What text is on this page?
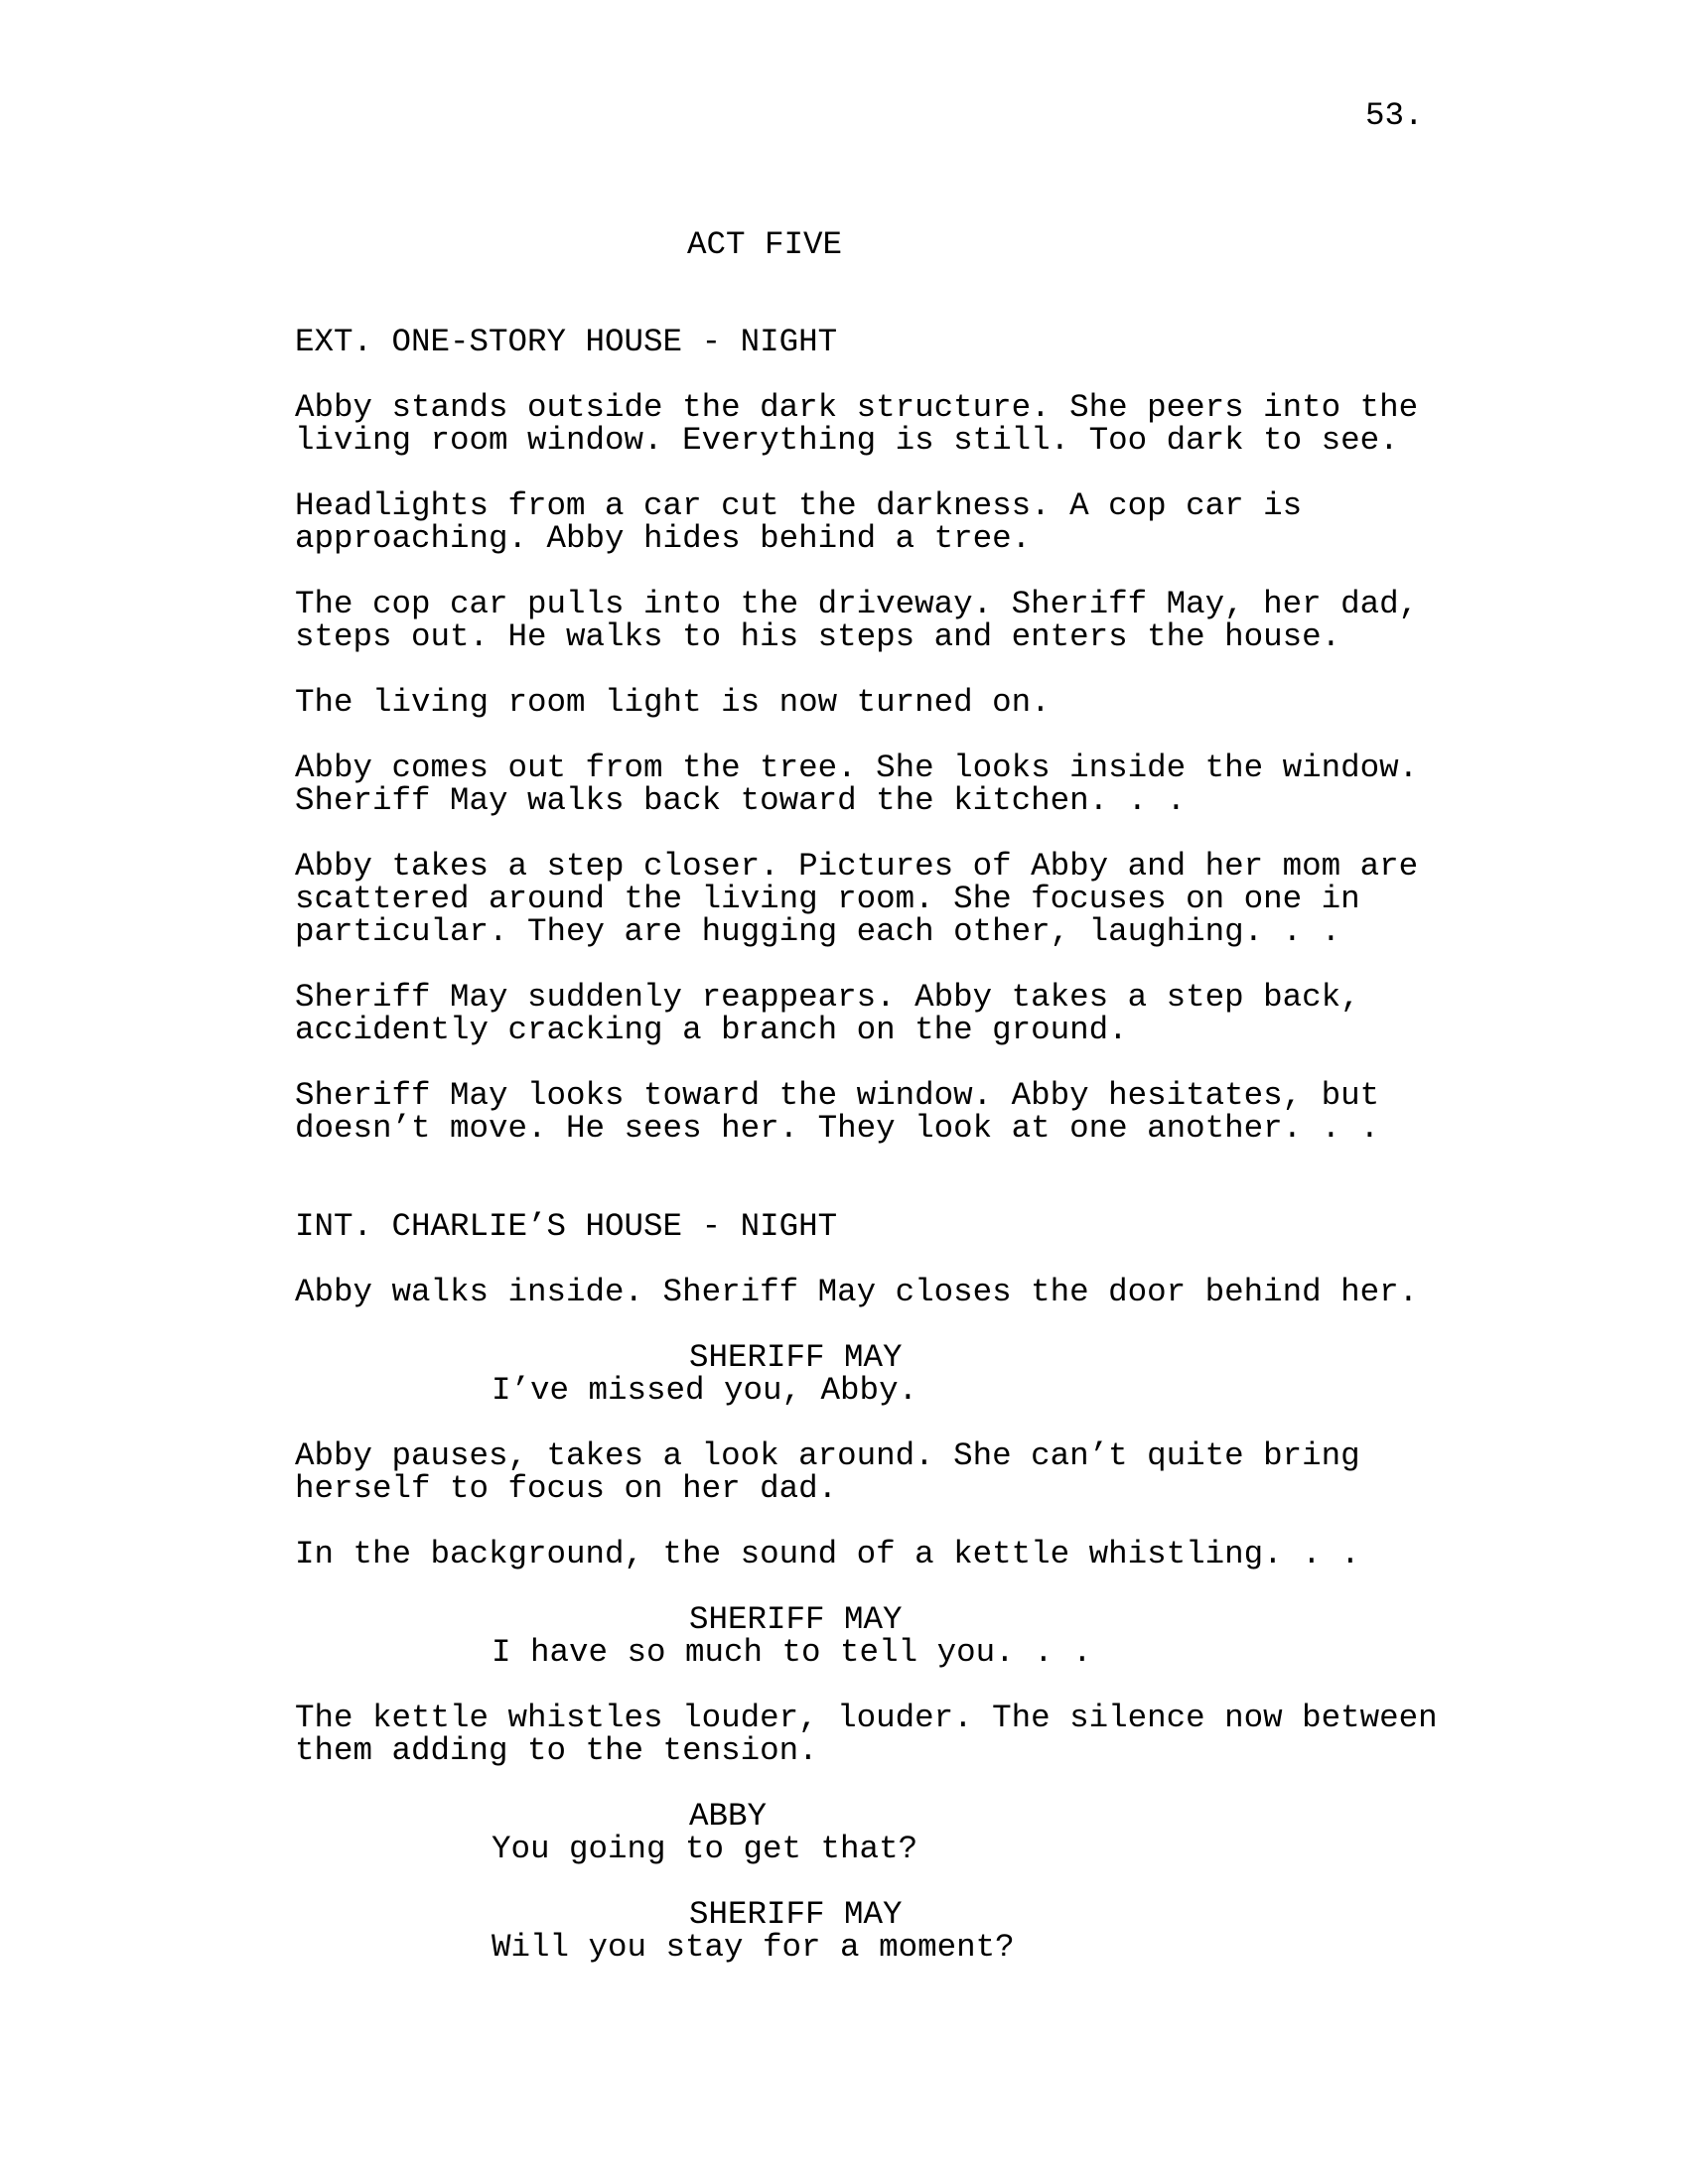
53.

ACT FIVE

EXT. ONE-STORY HOUSE - NIGHT

Abby stands outside the dark structure. She peers into the

living room window. Everything is still. Too dark to see.

Headlights from a car cut the darkness. A cop car is

approaching. Abby hides behind a tree.

The cop car pulls into the driveway. Sheriff May, her dad,

steps out. He walks to his steps and enters the house.

The living room light is now turned on.

Abby comes out from the tree. She looks inside the window.

Sheriff May walks back toward the kitchen. . .

Abby takes a step closer. Pictures of Abby and her mom are

scattered around the living room. She focuses on one in

particular. They are hugging each other, laughing. . .

Sheriff May suddenly reappears. Abby takes a step back,

accidently cracking a branch on the ground.

Sheriff May looks toward the window. Abby hesitates, but

doesn’t move. He sees her. They look at one another. . .

INT. CHARLIE’S HOUSE - NIGHT

Abby walks inside. Sheriff May closes the door behind her.

SHERIFF MAY

I’ve missed you, Abby.

Abby pauses, takes a look around. She can’t quite bring

herself to focus on her dad.

In the background, the sound of a kettle whistling. . .

SHERIFF MAY

I have so much to tell you. . .

The kettle whistles louder, louder. The silence now between

them adding to the tension.

ABBY

You going to get that?

SHERIFF MAY

Will you stay for a moment?
